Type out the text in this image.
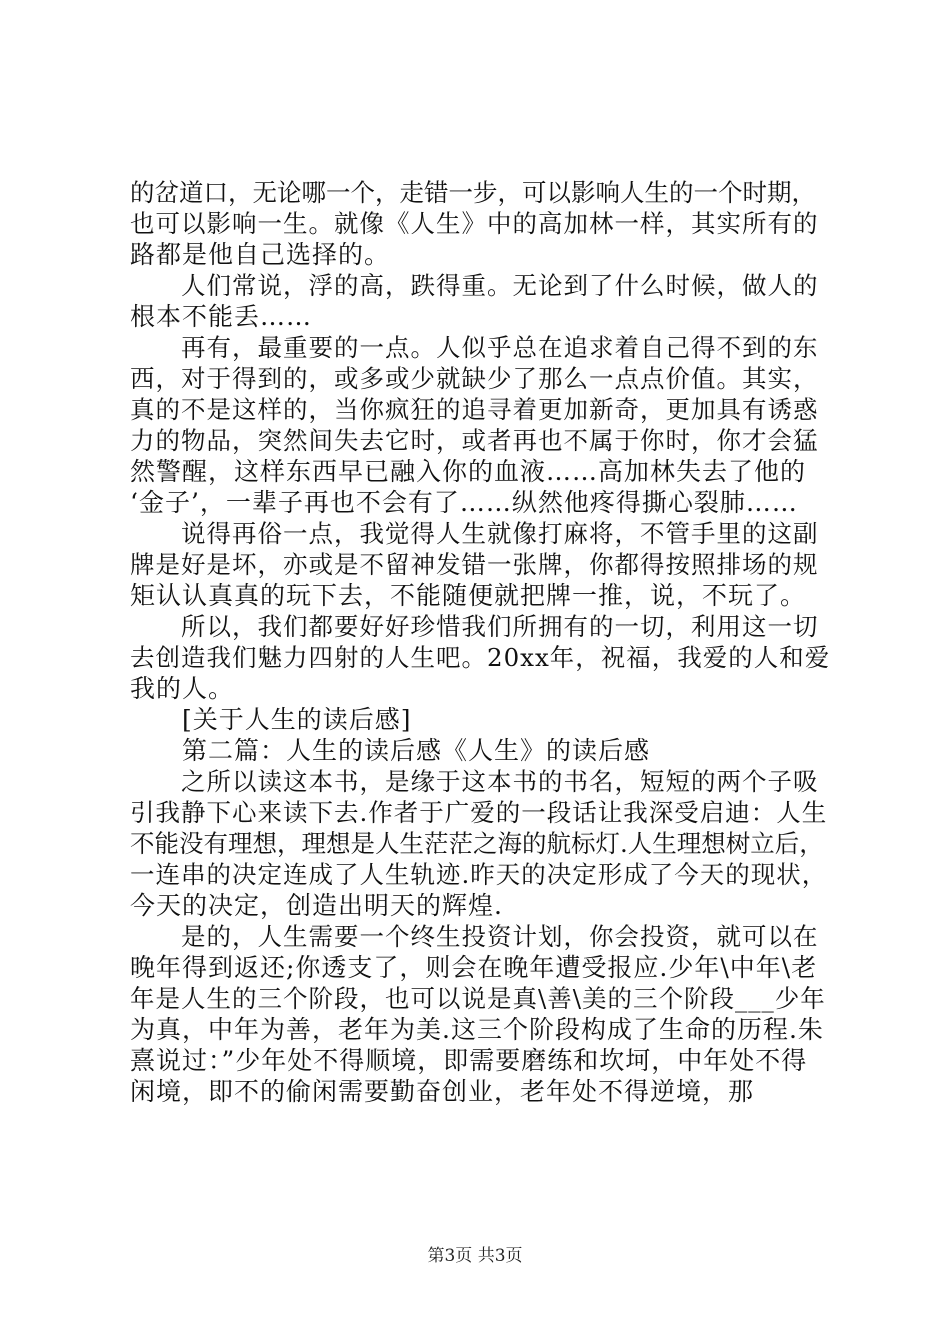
的岔道口，无论哪一个，走错一步，可以影响人生的一个时期，
也可以影响一生。就像《人生》中的高加林一样，其实所有的
路都是他自己选择的。
　　人们常说，浮的高，跌得重。无论到了什么时候，做人的
根本不能丢……
　　再有，最重要的一点。人似乎总在追求着自己得不到的东
西，对于得到的，或多或少就缺少了那么一点点价值。其实，
真的不是这样的，当你疯狂的追寻着更加新奇，更加具有诱惑
力的物品，突然间失去它时，或者再也不属于你时，你才会猛
然警醒，这样东西早已融入你的血液……高加林失去了他的
‘金子’，一辈子再也不会有了……纵然他疼得撕心裂肺……
　　说得再俗一点，我觉得人生就像打麻将，不管手里的这副
牌是好是坏，亦或是不留神发错一张牌，你都得按照排场的规
矩认认真真的玩下去，不能随便就把牌一推，说，不玩了。
　　所以，我们都要好好珍惜我们所拥有的一切，利用这一切
去创造我们魅力四射的人生吧。20xx年，祝福，我爱的人和爱
我的人。
　　[关于人生的读后感]
　　第二篇：人生的读后感《人生》的读后感
　　之所以读这本书，是缘于这本书的书名，短短的两个子吸
引我静下心来读下去.作者于广爱的一段话让我深受启迪：人生
不能没有理想，理想是人生茫茫之海的航标灯.人生理想树立后，
一连串的决定连成了人生轨迹.昨天的决定形成了今天的现状，
今天的决定，创造出明天的辉煌.
　　是的，人生需要一个终生投资计划，你会投资，就可以在
晚年得到返还;你透支了，则会在晚年遭受报应.少年\中年\老
年是人生的三个阶段，也可以说是真\善\美的三个阶段___少年
为真，中年为善，老年为美.这三个阶段构成了生命的历程.朱
熹说过：”少年处不得顺境，即需要磨练和坎坷，中年处不得
闲境，即不的偷闲需要勤奋创业，老年处不得逆境，那
第3页 共3页
